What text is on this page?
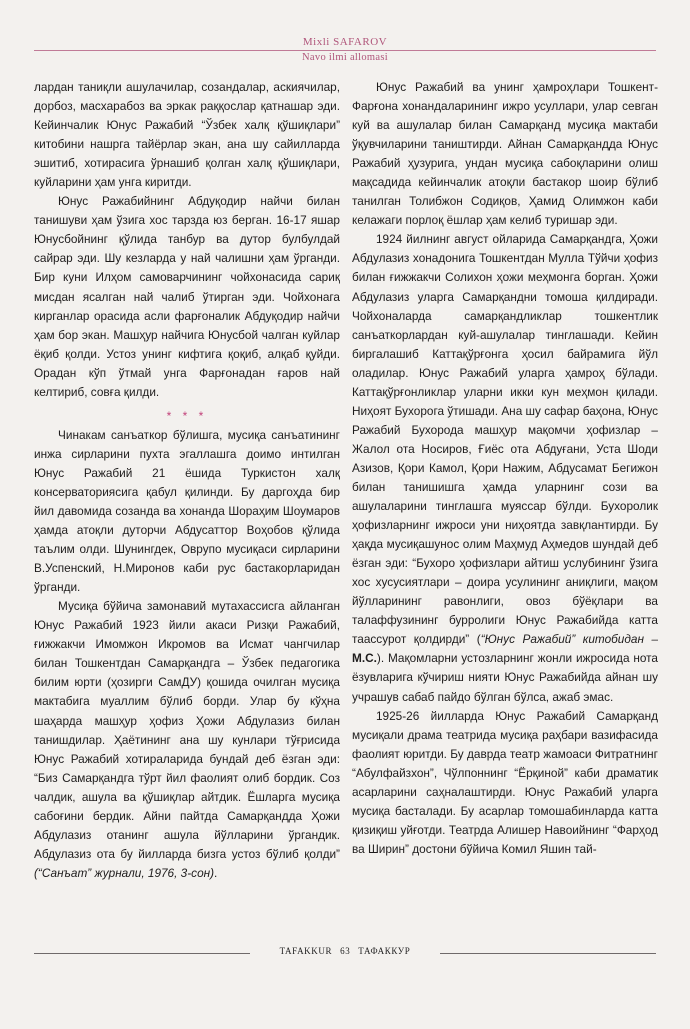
Mixli SAFAROV
Navo ilmi allomasi

лардан таниқли ашулачилар, созандалар, аскиячилар, дорбоз, масхарабоз ва эркак раққослар қатнашар эди. Кейинчалик Юнус Ражабий “Ўзбек халқ қўшиқлари” китобини нашрга тайёрлар экан, ана шу сайилларда эшитиб, хотирасига ўрнашиб қолган халқ қўшиқлари, куйларини ҳам унга киритди.

Юнус Ражабийнинг Абдуқодир найчи билан танишуви ҳам ўзига хос тарзда юз берган. 16-17 яшар Юнусбойнинг қўлида танбур ва дутор булбулдай сайрар эди. Шу кезларда у най чалишни ҳам ўрганди. Бир куни Илҳом самоварчининг чойхонасида сариқ мисдан ясалган най чалиб ўтирган эди. Чойхонага кирганлар орасида асли фарғоналик Абдуқодир найчи ҳам бор экан. Машҳур найчига Юнусбой чалган куйлар ёқиб қолди. Устоз унинг кифтига қоқиб, алқаб қуйди. Орадан кўп ўтмай унга Фарғонадан ғаров най келтириб, совға қилди.

* * *

Чинакам санъаткор бўлишга, мусиқа санъатининг инжа сирларини пухта эгаллашга доимо интилган Юнус Ражабий 21 ёшида Туркистон халқ консерваториясига қабул қилинди. Бу даргоҳда бир йил давомида созанда ва хонанда Шораҳим Шоумаров ҳамда атоқли дуторчи Абдусаттор Воҳобов қўлида таълим олди. Шунингдек, Оврупо мусиқаси сирларини В.Успенский, Н.Миронов каби рус бастакорларидан ўрганди.

Мусиқа бўйича замонавий мутахассисга айланган Юнус Ражабий 1923 йили акаси Ризқи Ражабий, ғижжакчи Имомжон Икромов ва Исмат чангчилар билан Тошкентдан Самарқандга – Ўзбек педагогика билим юрти (ҳозирги СамДУ) қошида очилган мусиқа мактабига муаллим бўлиб борди. Улар бу кўҳна шаҳарда машҳур ҳофиз Ҳожи Абдулазиз билан танишдилар. Ҳаётининг ана шу кунлари тўғрисида Юнус Ражабий хотираларида бундай деб ёзган эди: “Биз Самарқандга тўрт йил фаолият олиб бордик. Соз чалдик, ашула ва қўшиқлар айтдик. Ёшларга мусиқа сабоғини бердик. Айни пайтда Самарқандда Ҳожи Абдулазиз отанинг ашула йўлларини ўргандик. Абдулазиз ота бу йилларда бизга устоз бўлиб қолди” (“Санъат” журнали, 1976, 3-сон).

Юнус Ражабий ва унинг ҳамроҳлари Тошкент-Фарғона хонандаларининг ижро усуллари, улар севган куй ва ашулалар билан Самарқанд мусиқа мактаби ўқувчиларини таништирди. Айнан Самарқандда Юнус Ражабий ҳузурига, ундан мусиқа сабоқларини олиш мақсадида кейинчалик атоқли бастакор шоир бўлиб танилган Толибжон Содиқов, Ҳамид Олимжон каби келажаги порлоқ ёшлар ҳам келиб туришар эди.

1924 йилнинг август ойларида Самарқандга, Ҳожи Абдулазиз хонадонига Тошкентдан Мулла Тўйчи ҳофиз билан ғижжакчи Солихон ҳожи меҳмонга борган. Ҳожи Абдулазиз уларга Самарқандни томоша қилдиради. Чойхоналарда самарқандликлар тошкентлик санъаткорлардан куй-ашулалар тинглашади. Кейин биргалашиб Каттақўрғонга ҳосил байрамига йўл оладилар. Юнус Ражабий уларга ҳамроҳ бўлади. Каттақўрғонликлар уларни икки кун меҳмон қилади. Ниҳоят Бухорога ўтишади. Ана шу сафар баҳона, Юнус Ражабий Бухорода машҳур мақомчи ҳофизлар – Жалол ота Носиров, Ғиёс ота Абдуғани, Уста Шоди Азизов, Қори Камол, Қори Нажим, Абдусамат Бегижон билан танишишга ҳамда уларнинг сози ва ашулаларини тинглашга муяссар бўлди. Бухоролик ҳофизларнинг ижроси уни ниҳоятда завқлантирди. Бу ҳақда мусиқашунос олим Маҳмуд Аҳмедов шундай деб ёзган эди: “Бухоро ҳофизлари айтиш услубининг ўзига хос хусусиятлари – доира усулининг аниқлиги, мақом йўлларининг равонлиги, овоз бўёқлари ва талаффузининг бурролиги Юнус Ражабийда катта таассурот қолдирди” (“Юнус Ражабий” китобидан – М.С.). Мақомларни устозларнинг жонли ижросида нота ёзувларига кўчириш нияти Юнус Ражабийда айнан шу учрашув сабаб пайдо бўлган бўлса, ажаб эмас.

1925-26 йилларда Юнус Ражабий Самарқанд мусиқали драма театрида мусиқа раҳбари вазифасида фаолият юритди. Бу даврда театр жамоаси Фитратнинг “Абулфайзхон”, Чўлпоннинг “Ёрқиной” каби драматик асарларини саҳналаштирди. Юнус Ражабий уларга мусиқа басталади. Бу асарлар томошабинларда катта қизиқиш уйғотди. Театрда Алишер Навоийнинг “Фарҳод ва Ширин” достони бўйича Комил Яшин тай-

TAFAKKUR 63 ТАФАККУР
